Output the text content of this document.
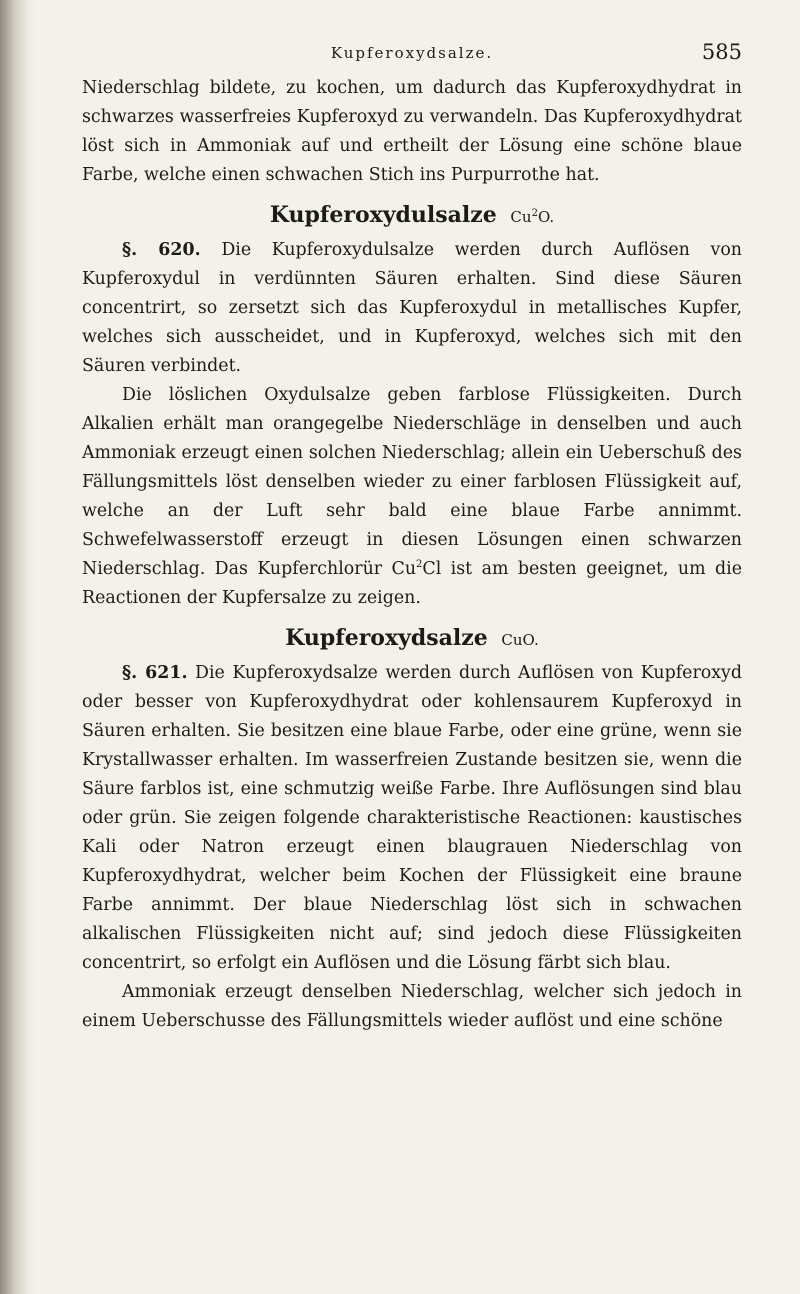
Kupferoxydsalze.	585

Niederschlag bildete, zu kochen, um dadurch das Kupferoxydhydrat in schwarzes wasserfreies Kupferoxyd zu verwandeln. Das Kupferoxydhydrat löst sich in Ammoniak auf und ertheilt der Lösung eine schöne blaue Farbe, welche einen schwachen Stich ins Purpurrothe hat.

Kupferoxydulsalze Cu$^2$O.

§. 620. Die Kupferoxydulsalze werden durch Auflösen von Kupferoxydul in verdünnten Säuren erhalten. Sind diese Säuren concentrirt, so zersetzt sich das Kupferoxydul in metallisches Kupfer, welches sich ausscheidet, und in Kupferoxyd, welches sich mit den Säuren verbindet.

Die löslichen Oxydulsalze geben farblose Flüssigkeiten. Durch Alkalien erhält man orangegelbe Niederschläge in denselben und auch Ammoniak erzeugt einen solchen Niederschlag; allein ein Ueberschuß des Fällungsmittels löst denselben wieder zu einer farblosen Flüssigkeit auf, welche an der Luft sehr bald eine blaue Farbe annimmt. Schwefelwasserstoff erzeugt in diesen Lösungen einen schwarzen Niederschlag. Das Kupferchlorür Cu$^2$Cl ist am besten geeignet, um die Reactionen der Kupfersalze zu zeigen.

Kupferoxydsalze CuO.

§. 621. Die Kupferoxydsalze werden durch Auflösen von Kupferoxyd oder besser von Kupferoxydhydrat oder kohlensaurem Kupferoxyd in Säuren erhalten. Sie besitzen eine blaue Farbe, oder eine grüne, wenn sie Krystallwasser erhalten. Im wasserfreien Zustande besitzen sie, wenn die Säure farblos ist, eine schmutzig weiße Farbe. Ihre Auflösungen sind blau oder grün. Sie zeigen folgende charakteristische Reactionen: kaustisches Kali oder Natron erzeugt einen blaugrauen Niederschlag von Kupferoxydhydrat, welcher beim Kochen der Flüssigkeit eine braune Farbe annimmt. Der blaue Niederschlag löst sich in schwachen alkalischen Flüssigkeiten nicht auf; sind jedoch diese Flüssigkeiten concentrirt, so erfolgt ein Auflösen und die Lösung färbt sich blau.

Ammoniak erzeugt denselben Niederschlag, welcher sich jedoch in einem Ueberschusse des Fällungsmittels wieder auflöst und eine schöne
